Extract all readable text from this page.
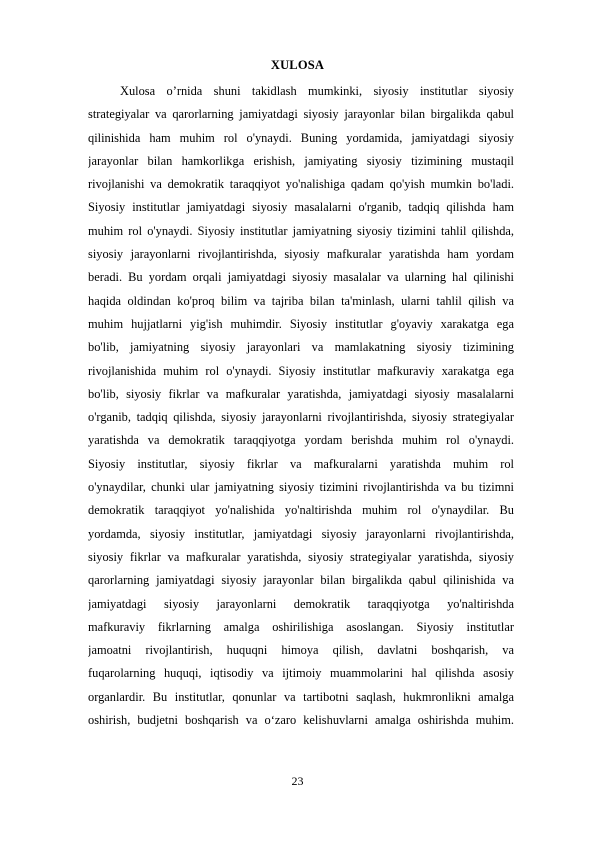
XULOSA
Xulosa o’rnida shuni takidlash mumkinki, siyosiy institutlar siyosiy
strategiyalar va qarorlarning jamiyatdagi siyosiy jarayonlar bilan birgalikda qabul
qilinishida ham muhim rol o'ynaydi. Buning yordamida, jamiyatdagi siyosiy
jarayonlar bilan hamkorlikga erishish, jamiyating siyosiy tizimining mustaqil
rivojlanishi va demokratik taraqqiyot yo'nalishiga qadam qo'yish mumkin bo'ladi.
Siyosiy institutlar jamiyatdagi siyosiy masalalarni o'rganib, tadqiq qilishda ham
muhim rol o'ynaydi. Siyosiy institutlar jamiyatning siyosiy tizimini tahlil qilishda,
siyosiy jarayonlarni rivojlantirishda, siyosiy mafkuralar yaratishda ham yordam
beradi. Bu yordam orqali jamiyatdagi siyosiy masalalar va ularning hal qilinishi
haqida oldindan ko'proq bilim va tajriba bilan ta'minlash, ularni tahlil qilish va
muhim hujjatlarni yig'ish muhimdir. Siyosiy institutlar g'oyaviy xarakatga ega
bo'lib, jamiyatning siyosiy jarayonlari va mamlakatning siyosiy tizimining
rivojlanishida muhim rol o'ynaydi. Siyosiy institutlar mafkuraviy xarakatga ega
bo'lib, siyosiy fikrlar va mafkuralar yaratishda, jamiyatdagi siyosiy masalalarni
o'rganib, tadqiq qilishda, siyosiy jarayonlarni rivojlantirishda, siyosiy strategiyalar
yaratishda va demokratik taraqqiyotga yordam berishda muhim rol o'ynaydi.
Siyosiy institutlar, siyosiy fikrlar va mafkuralarni yaratishda muhim rol
o'ynaydilar, chunki ular jamiyatning siyosiy tizimini rivojlantirishda va bu tizimni
demokratik taraqqiyot yo'nalishida yo'naltirishda muhim rol o'ynaydilar. Bu
yordamda, siyosiy institutlar, jamiyatdagi siyosiy jarayonlarni rivojlantirishda,
siyosiy fikrlar va mafkuralar yaratishda, siyosiy strategiyalar yaratishda, siyosiy
qarorlarning jamiyatdagi siyosiy jarayonlar bilan birgalikda qabul qilinishida va
jamiyatdagi siyosiy jarayonlarni demokratik taraqqiyotga yo'naltirishda
mafkuraviy fikrlarning amalga oshirilishiga asoslangan. Siyosiy institutlar
jamoatni rivojlantirish, huquqni himoya qilish, davlatni boshqarish, va
fuqarolarning huquqi, iqtisodiy va ijtimoiy muammolarini hal qilishda asosiy
organlardir. Bu institutlar, qonunlar va tartibotni saqlash, hukmronlikni amalga
oshirish, budjetni boshqarish va o‘zaro kelishuvlarni amalga oshirishda muhim.
23
